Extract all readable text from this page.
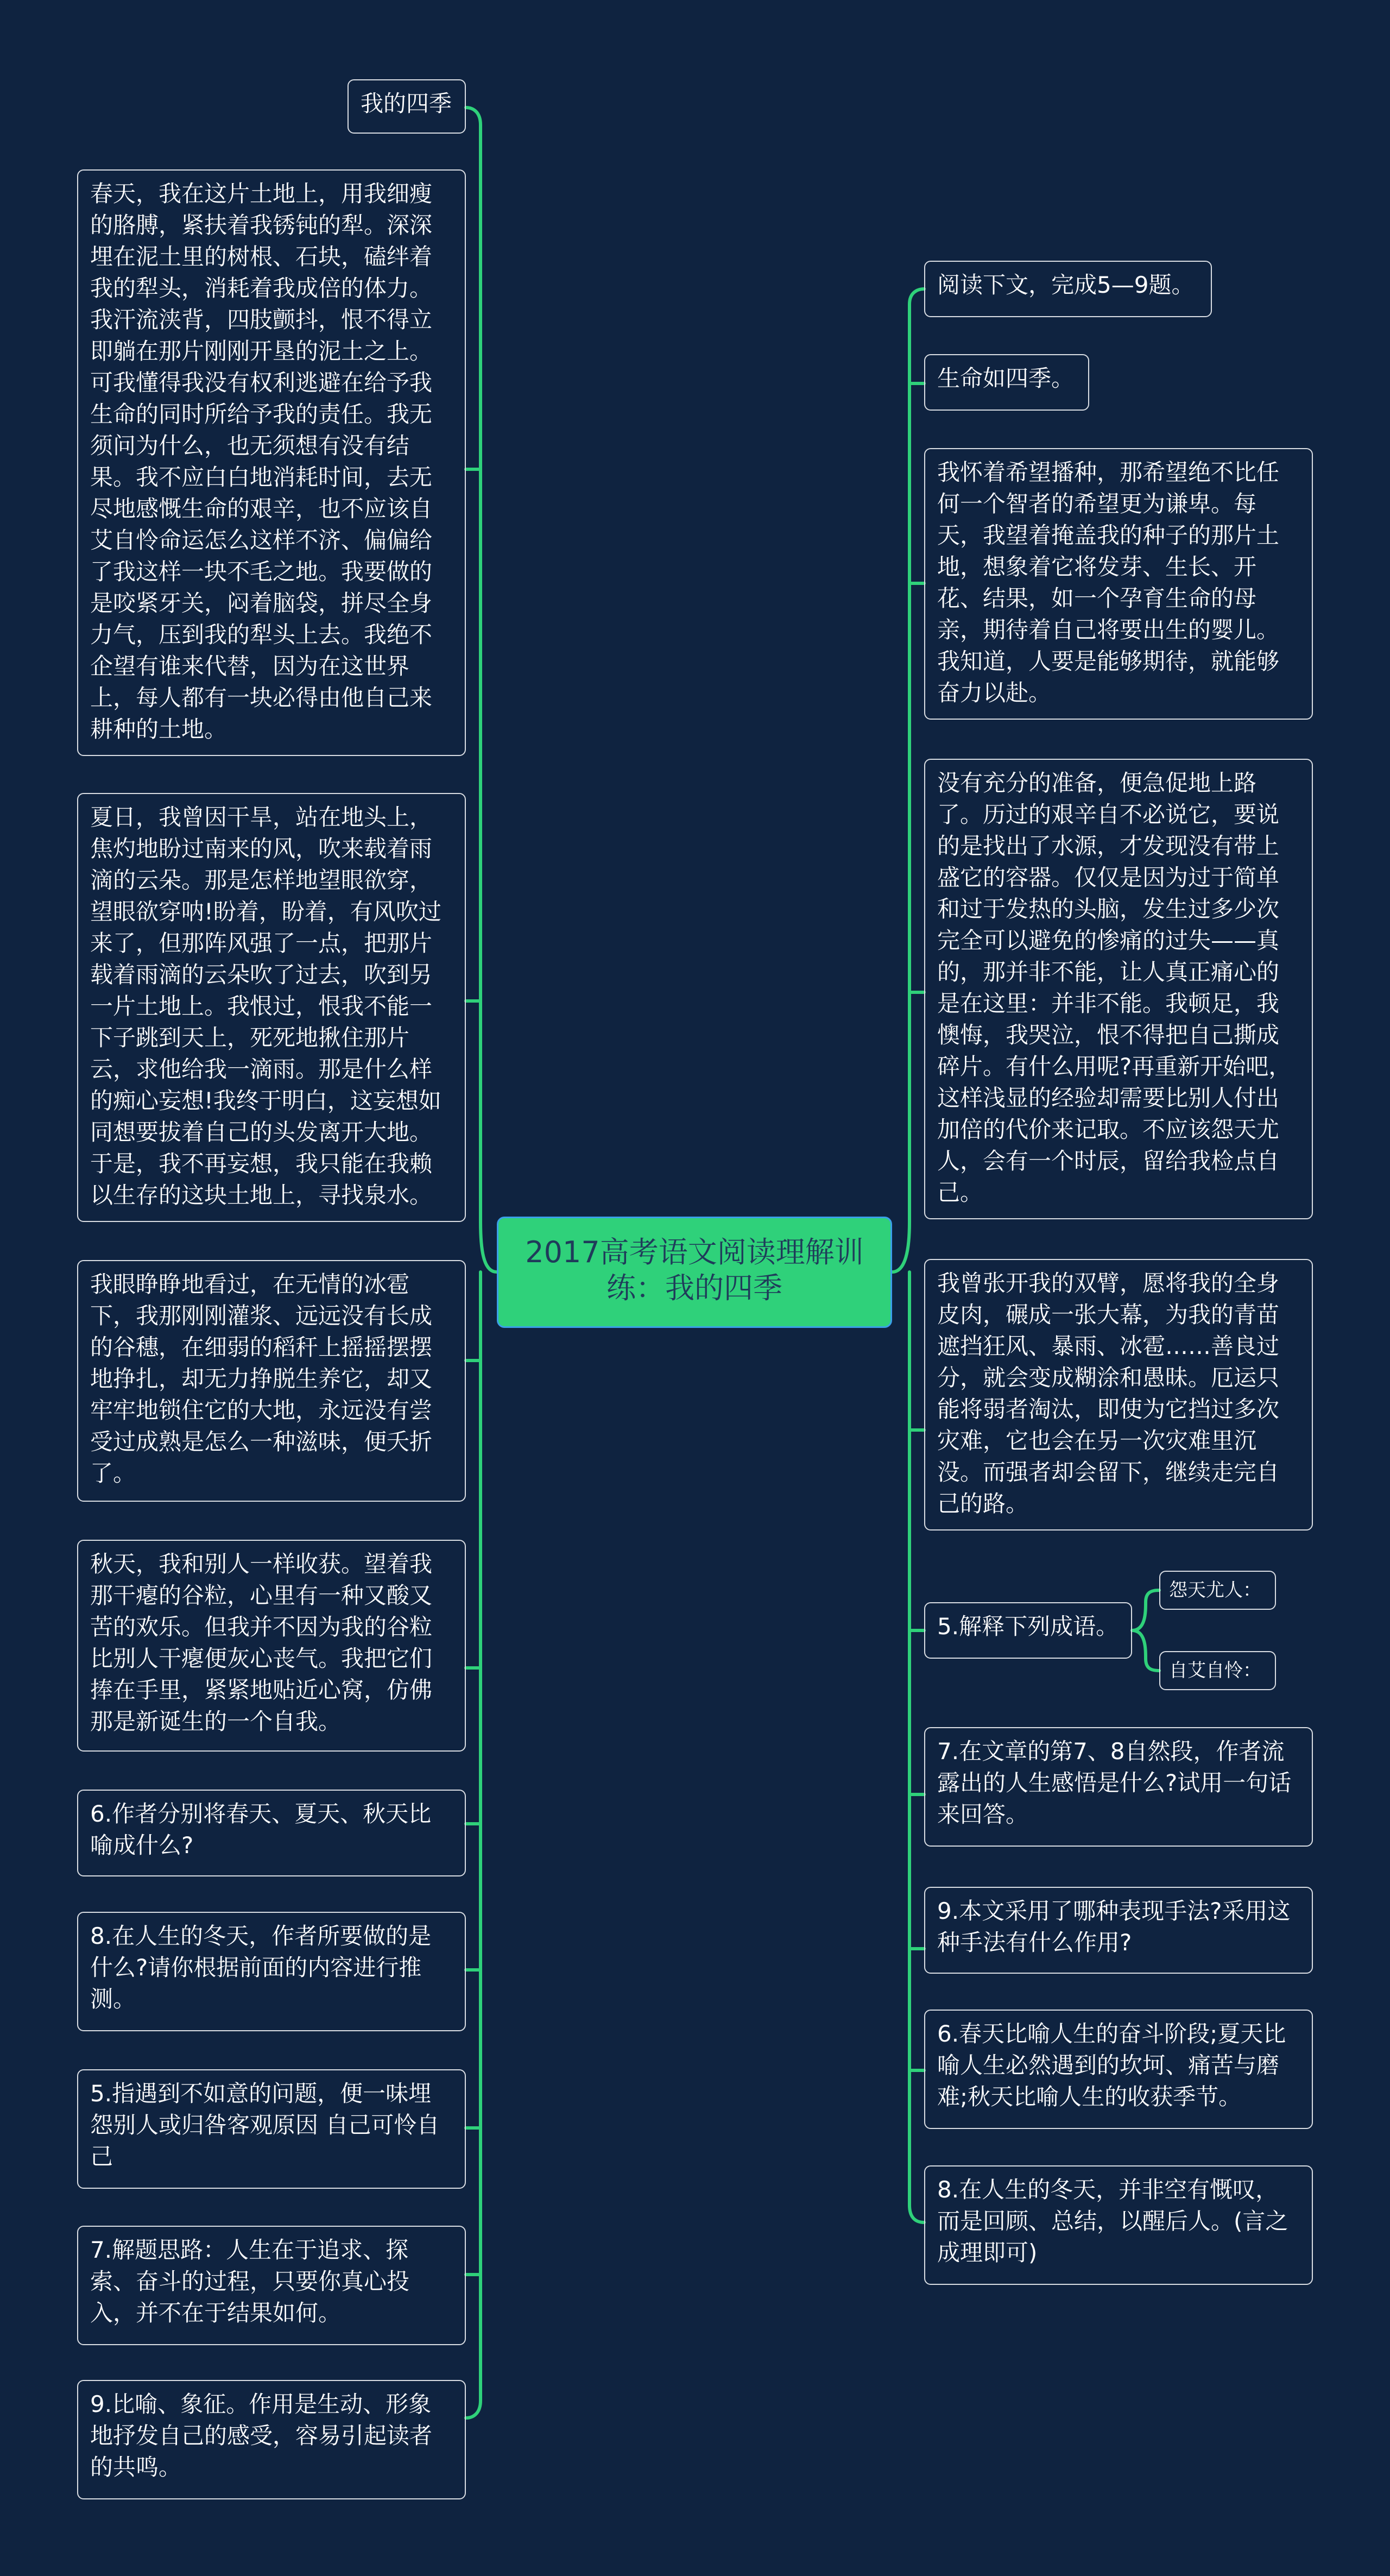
2017高考语文阅读理解训练：我的四季
我的四季
春天，我在这片土地上，用我细瘦的胳膊，紧扶着我锈钝的犁。深深埋在泥土里的树根、石块，磕绊着我的犁头，消耗着我成倍的体力。我汗流浃背，四肢颤抖，恨不得立即躺在那片刚刚开垦的泥土之上。可我懂得我没有权利逃避在给予我生命的同时所给予我的责任。我无须问为什么，也无须想有没有结果。我不应白白地消耗时间，去无尽地感慨生命的艰辛，也不应该自艾自怜命运怎么这样不济、偏偏给了我这样一块不毛之地。我要做的是咬紧牙关，闷着脑袋，拼尽全身力气，压到我的犁头上去。我绝不企望有谁来代替，因为在这世界上，每人都有一块必得由他自己来耕种的土地。
夏日，我曾因干旱，站在地头上，焦灼地盼过南来的风，吹来载着雨滴的云朵。那是怎样地望眼欲穿，望眼欲穿呐!盼着，盼着，有风吹过来了，但那阵风强了一点，把那片载着雨滴的云朵吹了过去，吹到另一片土地上。我恨过，恨我不能一下子跳到天上，死死地揪住那片云，求他给我一滴雨。那是什么样的痴心妄想!我终于明白，这妄想如同想要拔着自己的头发离开大地。于是，我不再妄想，我只能在我赖以生存的这块土地上，寻找泉水。
我眼睁睁地看过，在无情的冰雹下，我那刚刚灌浆、远远没有长成的谷穗，在细弱的稻秆上摇摇摆摆地挣扎，却无力挣脱生养它，却又牢牢地锁住它的大地，永远没有尝受过成熟是怎么一种滋味，便夭折了。
秋天，我和别人一样收获。望着我那干瘪的谷粒，心里有一种又酸又苦的欢乐。但我并不因为我的谷粒比别人干瘪便灰心丧气。我把它们捧在手里，紧紧地贴近心窝，仿佛那是新诞生的一个自我。
6.作者分别将春天、夏天、秋天比喻成什么?
8.在人生的冬天，作者所要做的是什么?请你根据前面的内容进行推测。
5.指遇到不如意的问题，便一味埋怨别人或归咎客观原因 自己可怜自己
7.解题思路：人生在于追求、探索、奋斗的过程，只要你真心投入，并不在于结果如何。
9.比喻、象征。作用是生动、形象地抒发自己的感受，容易引起读者的共鸣。
阅读下文，完成5—9题。
生命如四季。
我怀着希望播种，那希望绝不比任何一个智者的希望更为谦卑。每天，我望着掩盖我的种子的那片土地，想象着它将发芽、生长、开花、结果，如一个孕育生命的母亲，期待着自己将要出生的婴儿。我知道，人要是能够期待，就能够奋力以赴。
没有充分的准备，便急促地上路了。历过的艰辛自不必说它，要说的是找出了水源，才发现没有带上盛它的容器。仅仅是因为过于简单和过于发热的头脑，发生过多少次完全可以避免的惨痛的过失——真的，那并非不能，让人真正痛心的是在这里：并非不能。我顿足，我懊悔，我哭泣，恨不得把自己撕成碎片。有什么用呢?再重新开始吧，这样浅显的经验却需要比别人付出加倍的代价来记取。不应该怨天尤人，会有一个时辰，留给我检点自己。
我曾张开我的双臂，愿将我的全身皮肉，碾成一张大幕，为我的青苗遮挡狂风、暴雨、冰雹……善良过分，就会变成糊涂和愚昧。厄运只能将弱者淘汰，即使为它挡过多次灾难，它也会在另一次灾难里沉没。而强者却会留下，继续走完自己的路。
5.解释下列成语。
7.在文章的第7、8自然段，作者流露出的人生感悟是什么?试用一句话来回答。
9.本文采用了哪种表现手法?采用这种手法有什么作用?
6.春天比喻人生的奋斗阶段;夏天比喻人生必然遇到的坎坷、痛苦与磨难;秋天比喻人生的收获季节。
8.在人生的冬天，并非空有慨叹，而是回顾、总结，以醒后人。(言之成理即可)
怨天尤人：
自艾自怜：
